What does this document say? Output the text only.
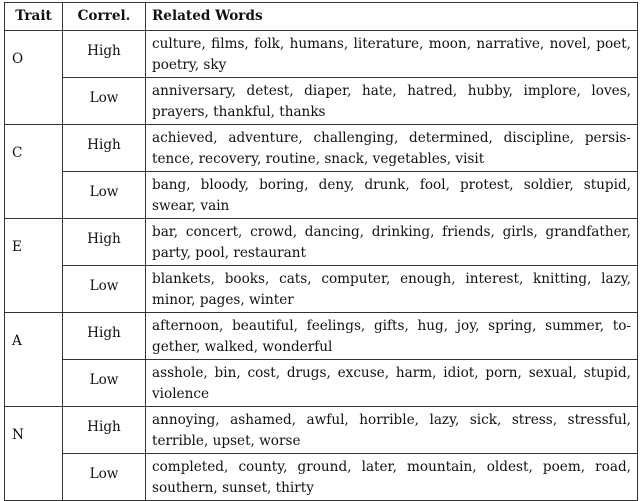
Trait	Correl.	Related Words
O	High	culture, films, folk, humans, literature, moon, narrative, novel, poet, poetry, sky
	Low	anniversary, detest, diaper, hate, hatred, hubby, implore, loves, prayers, thankful, thanks
C	High	achieved, adventure, challenging, determined, discipline, persistence, recovery, routine, snack, vegetables, visit
	Low	bang, bloody, boring, deny, drunk, fool, protest, soldier, stupid, swear, vain
E	High	bar, concert, crowd, dancing, drinking, friends, girls, grandfather, party, pool, restaurant
	Low	blankets, books, cats, computer, enough, interest, knitting, lazy, minor, pages, winter
A	High	afternoon, beautiful, feelings, gifts, hug, joy, spring, summer, together, walked, wonderful
	Low	asshole, bin, cost, drugs, excuse, harm, idiot, porn, sexual, stupid, violence
N	High	annoying, ashamed, awful, horrible, lazy, sick, stress, stressful, terrible, upset, worse
	Low	completed, county, ground, later, mountain, oldest, poem, road, southern, sunset, thirty
